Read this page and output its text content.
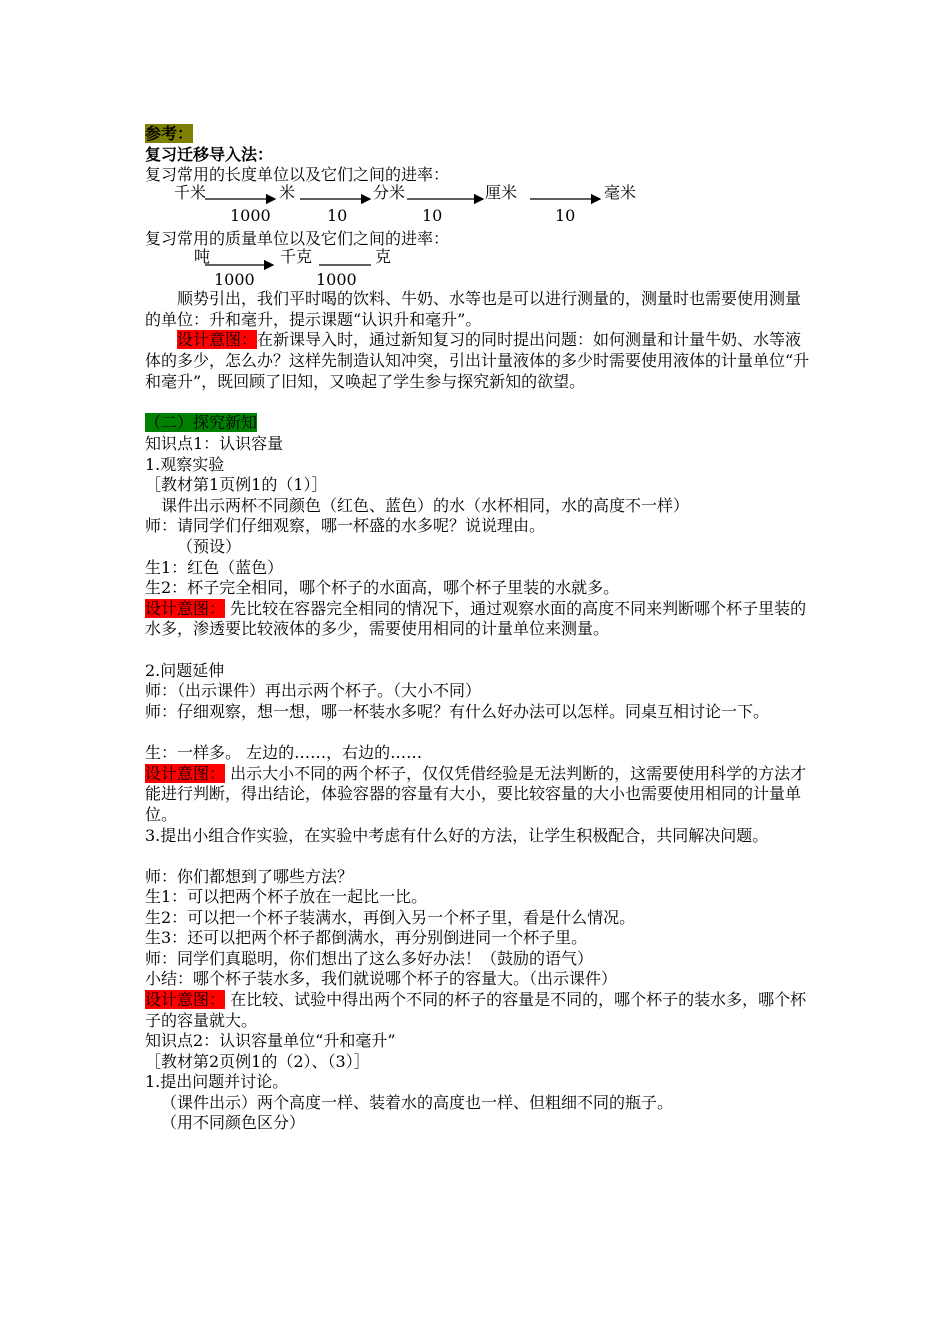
参考：
复习迁移导入法：
复习常用的长度单位以及它们之间的进率：
千米	米	分米	厘米	毫米
1000	10	10	10
复习常用的质量单位以及它们之间的进率：
吨	千克	克
1000	1000
顺势引出，我们平时喝的饮料、牛奶、水等也是可以进行测量的，测量时也需要使用测量的单位：升和毫升，提示课题“认识升和毫升”。
设计意图：在新课导入时，通过新知复习的同时提出问题：如何测量和计量牛奶、水等液体的多少，怎么办？这样先制造认知冲突，引出计量液体的多少时需要使用液体的计量单位“升和毫升”，既回顾了旧知，又唤起了学生参与探究新知的欲望。
（二）探究新知
知识点1：认识容量
1.观察实验
［教材第1页例1的（1）］
课件出示两杯不同颜色（红色、蓝色）的水（水杯相同，水的高度不一样）
师：请同学们仔细观察，哪一杯盛的水多呢？说说理由。
（预设）
生1：红色（蓝色）
生2：杯子完全相同，哪个杯子的水面高，哪个杯子里装的水就多。
设计意图： 先比较在容器完全相同的情况下，通过观察水面的高度不同来判断哪个杯子里装的水多，渗透要比较液体的多少，需要使用相同的计量单位来测量。
2.问题延伸
师：（出示课件）再出示两个杯子。（大小不同）
师：仔细观察，想一想，哪一杯装水多呢？有什么好办法可以怎样。同桌互相讨论一下。
生：一样多。 左边的……，右边的……
设计意图： 出示大小不同的两个杯子，仅仅凭借经验是无法判断的，这需要使用科学的方法才能进行判断，得出结论，体验容器的容量有大小，要比较容量的大小也需要使用相同的计量单位。
3.提出小组合作实验，在实验中考虑有什么好的方法，让学生积极配合，共同解决问题。
师：你们都想到了哪些方法？
生1：可以把两个杯子放在一起比一比。
生2：可以把一个杯子装满水，再倒入另一个杯子里，看是什么情况。
生3：还可以把两个杯子都倒满水，再分别倒进同一个杯子里。
师：同学们真聪明，你们想出了这么多好办法！（鼓励的语气）
小结：哪个杯子装水多，我们就说哪个杯子的容量大。（出示课件）
设计意图： 在比较、试验中得出两个不同的杯子的容量是不同的，哪个杯子的装水多，哪个杯子的容量就大。
知识点2：认识容量单位“升和毫升”
［教材第2页例1的（2）、（3）］
1.提出问题并讨论。
（课件出示）两个高度一样、装着水的高度也一样、但粗细不同的瓶子。
（用不同颜色区分）
